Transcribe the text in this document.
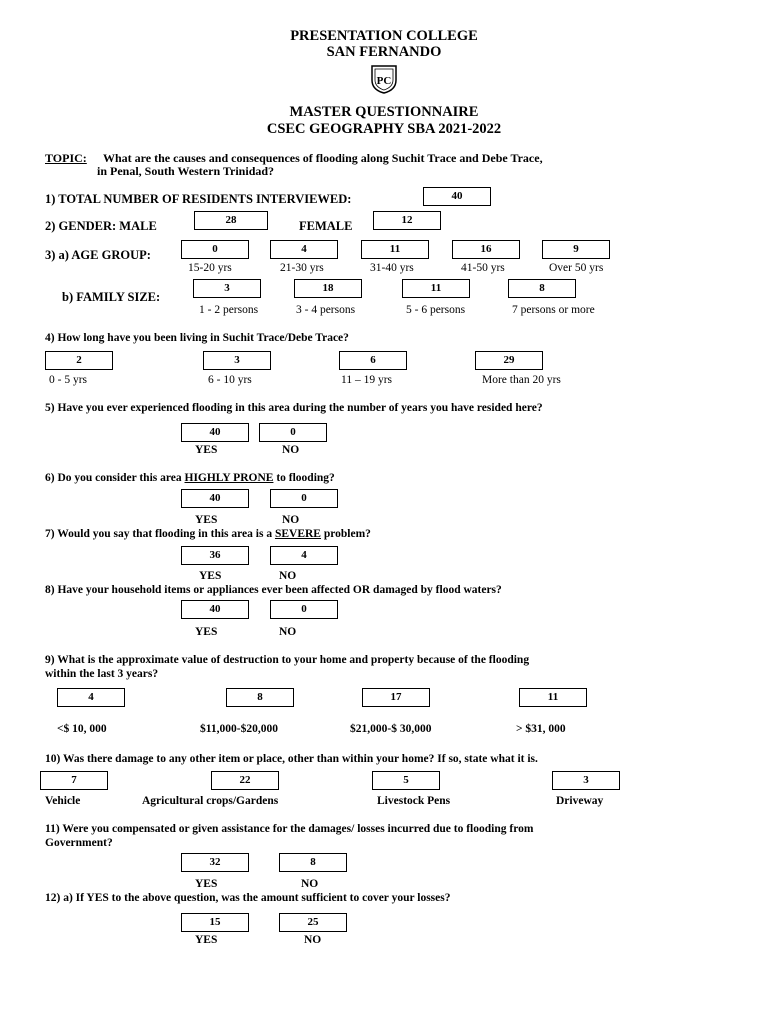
PRESENTATION COLLEGE
SAN FERNANDO
PC
MASTER QUESTIONNAIRE
CSEC GEOGRAPHY SBA 2021-2022
TOPIC: What are the causes and consequences of flooding along Suchit Trace and Debe Trace,
in Penal, South Western Trinidad?
1) TOTAL NUMBER OF RESIDENTS INTERVIEWED:	40
2) GENDER: MALE	28	FEMALE	12
3) a) AGE GROUP:	0	4	11	16	9
15-20 yrs	21-30 yrs	31-40 yrs	41-50 yrs	Over 50 yrs
b) FAMILY SIZE:
3	18	11	8
1 - 2 persons	3 - 4 persons	5 - 6 persons	7 persons or more
4) How long have you been living in Suchit Trace/Debe Trace?
2	3	6	29
0 - 5 yrs	6 - 10 yrs	11 – 19 yrs	More than 20 yrs
5) Have you ever experienced flooding in this area during the number of years you have resided here?
40	0
YES	NO
6) Do you consider this area HIGHLY PRONE to flooding?
40	0
YES	NO
7) Would you say that flooding in this area is a SEVERE problem?
36	4
YES	NO
8) Have your household items or appliances ever been affected OR damaged by flood waters?
40	0
YES	NO
9) What is the approximate value of destruction to your home and property because of the flooding
within the last 3 years?
4	8	17	11
<$ 10, 000	$11,000-$20,000	$21,000-$ 30,000	> $31, 000
10) Was there damage to any other item or place, other than within your home? If so, state what it is.
7	22	5	3
Vehicle	Agricultural crops/Gardens	Livestock Pens	Driveway
11) Were you compensated or given assistance for the damages/ losses incurred due to flooding from
Government?
32	8
YES	NO
12) a) If YES to the above question, was the amount sufficient to cover your losses?
15	25
YES	NO
